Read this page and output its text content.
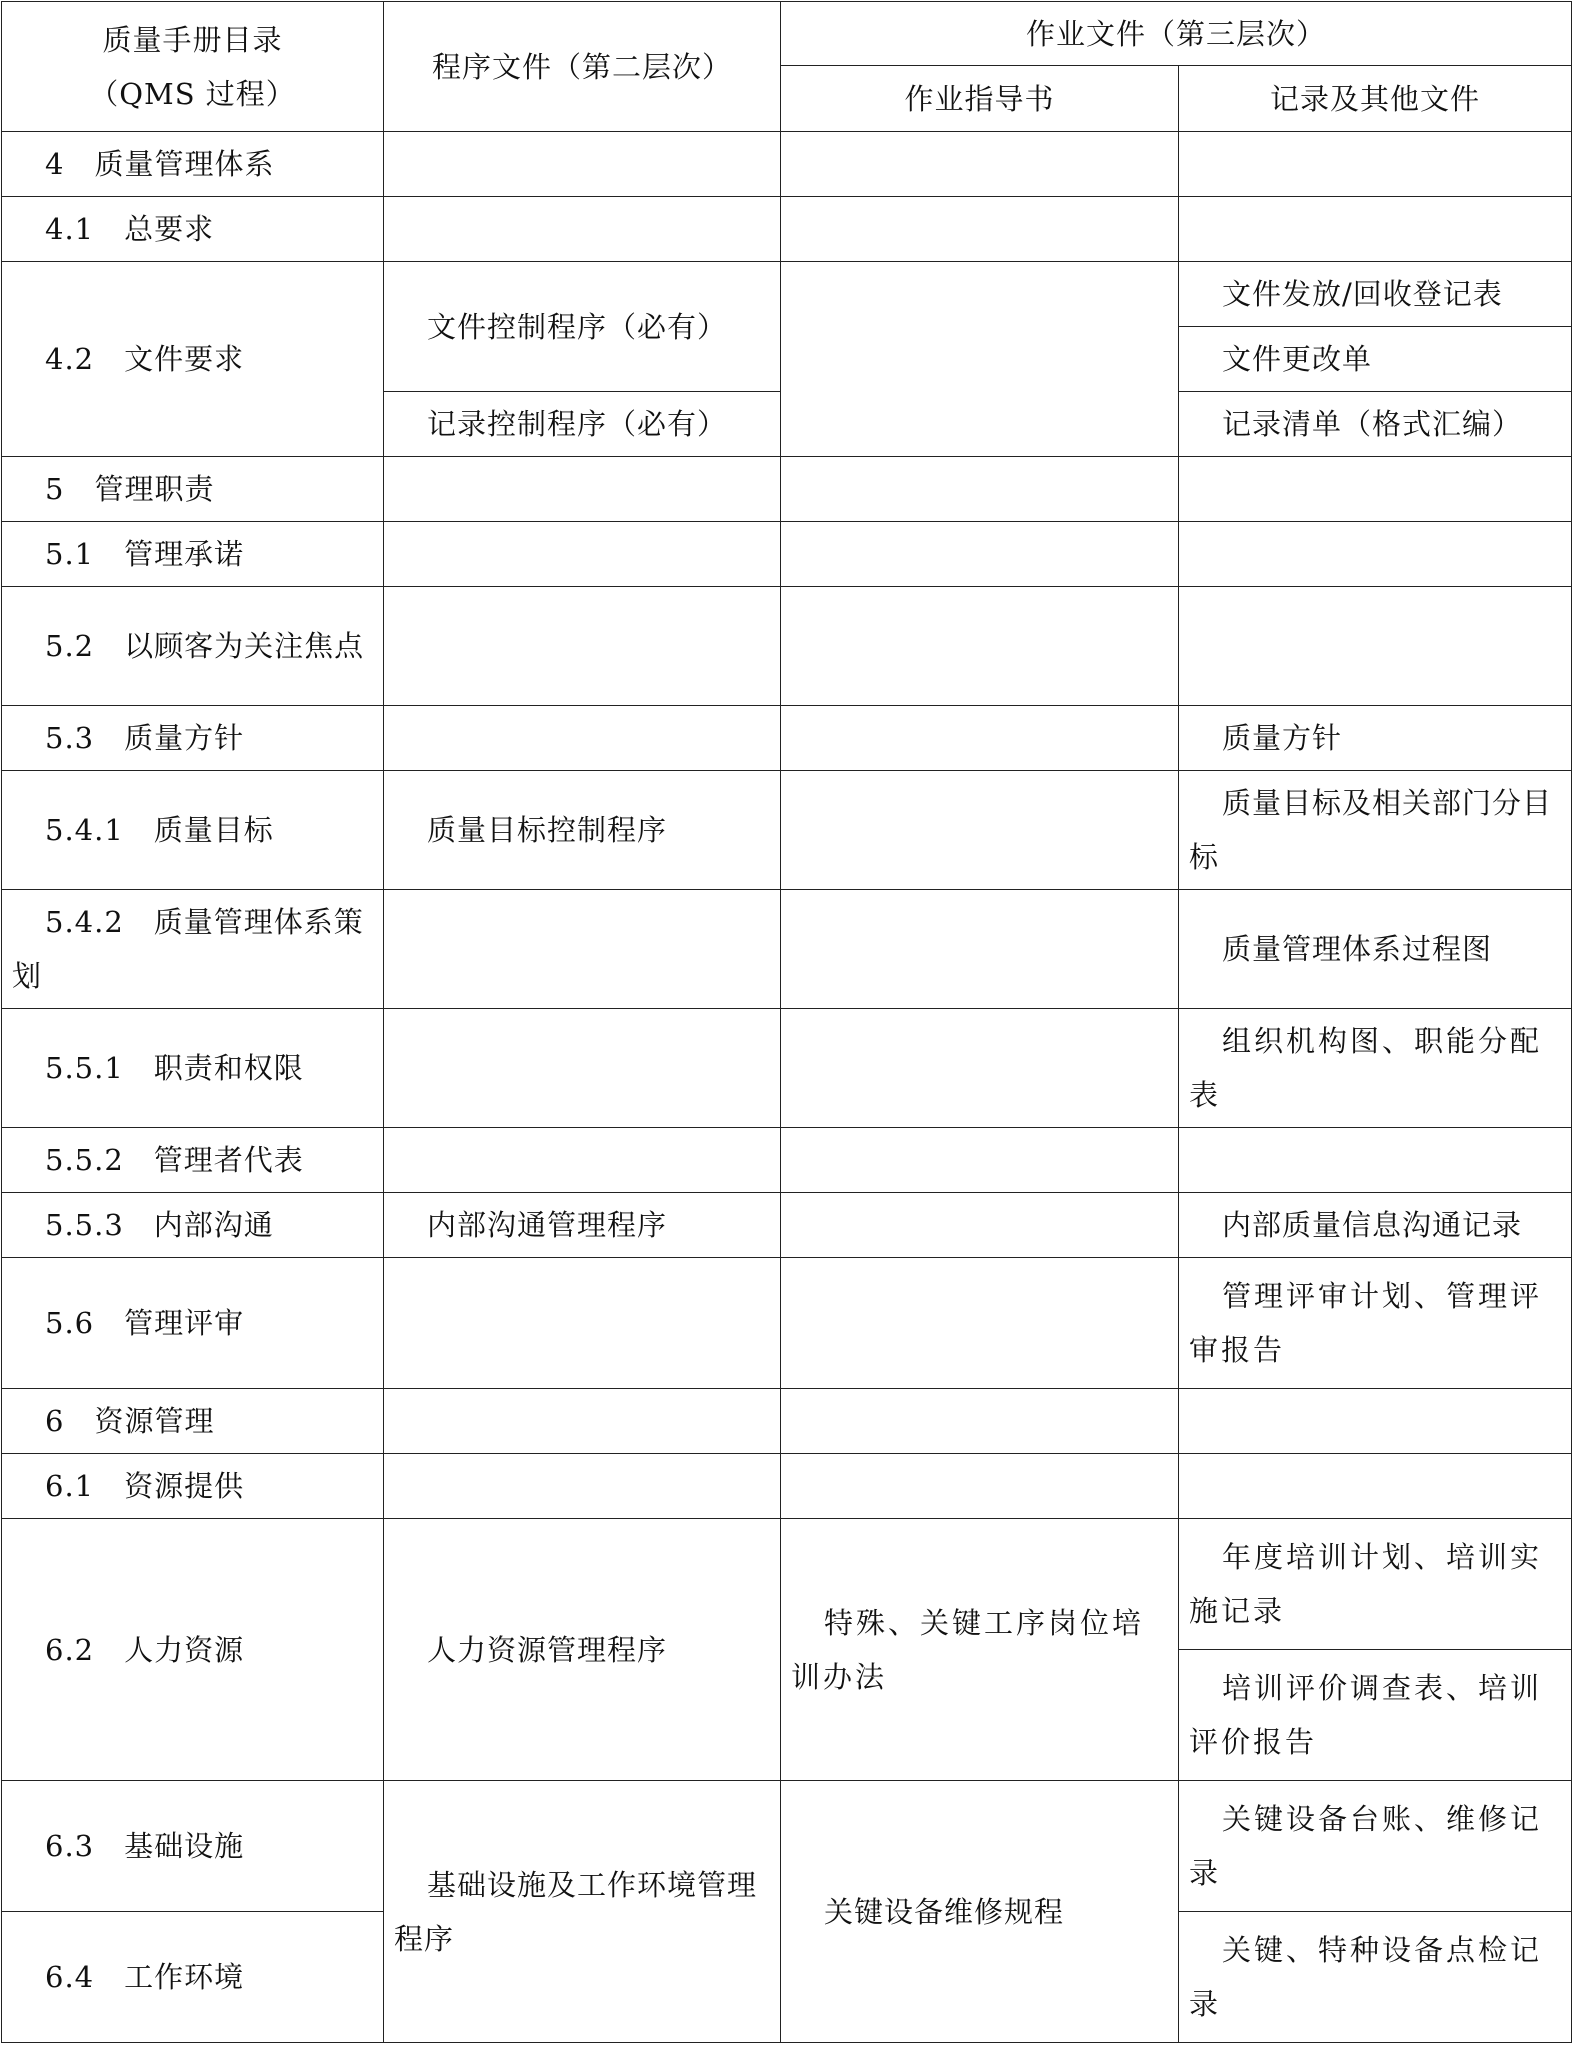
质量手册目录
（QMS 过程）	程序文件（第二层次）	作业文件（第三层次）	
		作业指导书	记录及其他文件
4　质量管理体系			
4.1　总要求			
4.2　文件要求	文件控制程序（必有）		文件发放/回收登记表
			文件更改单
	记录控制程序（必有）		记录清单（格式汇编）
5　管理职责			
5.1　管理承诺			
5.2　以顾客为关注焦点			
5.3　质量方针			质量方针
5.4.1　质量目标	质量目标控制程序		质量目标及相关部门分目标
5.4.2　质量管理体系策划			质量管理体系过程图
5.5.1　职责和权限			组织机构图、职能分配表
5.5.2　管理者代表			
5.5.3　内部沟通	内部沟通管理程序		内部质量信息沟通记录
5.6　管理评审			管理评审计划、管理评审报告
6　资源管理			
6.1　资源提供			
6.2　人力资源	人力资源管理程序	特殊、关键工序岗位培训办法	年度培训计划、培训实施记录
			培训评价调查表、培训评价报告
6.3　基础设施	基础设施及工作环境管理程序	关键设备维修规程	关键设备台账、维修记录
6.4　工作环境			关键、特种设备点检记录
